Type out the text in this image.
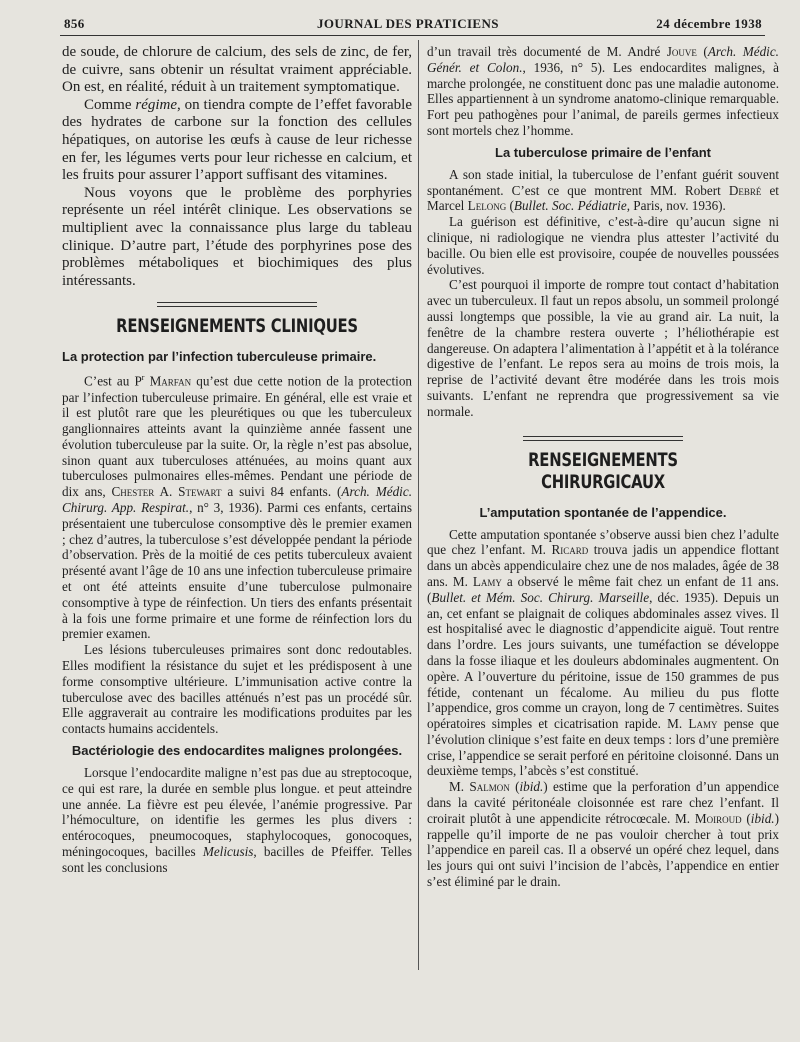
856	JOURNAL DES PRATICIENS	24 décembre 1938

de soude, de chlorure de calcium, des sels de zinc, de fer, de cuivre, sans obtenir un résultat vraiment appréciable. On est, en réalité, réduit à un traitement symptomatique.

Comme régime, on tiendra compte de l’effet favorable des hydrates de carbone sur la fonction des cellules hépatiques, on autorise les œufs à cause de leur richesse en fer, les légumes verts pour leur richesse en calcium, et les fruits pour assurer l’apport suffisant des vitamines.

Nous voyons que le problème des porphyries représente un réel intérêt clinique. Les observations se multiplient avec la connaissance plus large du tableau clinique. D’autre part, l’étude des porphyrines pose des problèmes métaboliques et biochimiques des plus intéressants.

RENSEIGNEMENTS CLINIQUES
La protection par l’infection tuberculeuse primaire.

C’est au $P^r$ Marfan qu’est due cette notion de la protection par l’infection tuberculeuse primaire. En général, elle est vraie et il est plutôt rare que les pleurétiques ou que les tuberculeux ganglionnaires atteints avant la quinzième année fassent une évolution tuberculeuse par la suite. Or, la règle n’est pas absolue, sinon quant aux tuberculoses atténuées, au moins quant aux tuberculoses pulmonaires elles-mêmes. Pendant une période de dix ans, Chester A. Stewart a suivi 84 enfants. (Arch. Médic. Chirurg. App. Respirat., n° 3, 1936). Parmi ces enfants, certains présentaient une tuberculose consomptive dès le premier examen ; chez d’autres, la tuberculose s’est développée pendant la période d’observation. Près de la moitié de ces petits tuberculeux avaient présenté avant l’âge de 10 ans une infection tuberculeuse primaire et ont été atteints ensuite d’une tuberculose pulmonaire consomptive à type de réinfection. Un tiers des enfants présentait à la fois une forme primaire et une forme de réinfection lors du premier examen.

Les lésions tuberculeuses primaires sont donc redoutables. Elles modifient la résistance du sujet et les prédisposent à une forme consomptive ultérieure. L’immunisation active contre la tuberculose avec des bacilles atténués n’est pas un procédé sûr. Elle aggraverait au contraire les modifications produites par les contacts humains accidentels.

Bactériologie des endocardites malignes prolongées.

Lorsque l’endocardite maligne n’est pas due au streptocoque, ce qui est rare, la durée en semble plus longue. et peut atteindre une année. La fièvre est peu élevée, l’anémie progressive. Par l’hémoculture, on identifie les germes les plus divers : entérocoques, pneumocoques, staphylocoques, gonocoques, méningocoques, bacilles Melicusis, bacilles de Pfeiffer. Telles sont les conclusions

d’un travail très documenté de M. André Jouve (Arch. Médic. Génér. et Colon., 1936, n° 5). Les endocardites malignes, à marche prolongée, ne constituent donc pas une maladie autonome. Elles appartiennent à un syndrome anatomo-clinique remarquable. Fort peu pathogènes pour l’animal, de pareils germes infectieux sont mortels chez l’homme.

La tuberculose primaire de l’enfant

A son stade initial, la tuberculose de l’enfant guérit souvent spontanément. C’est ce que montrent MM. Robert Debré et Marcel Lelong (Bullet. Soc. Pédiatrie, Paris, nov. 1936).

La guérison est définitive, c’est-à-dire qu’aucun signe ni clinique, ni radiologique ne viendra plus attester l’activité du bacille. Ou bien elle est provisoire, coupée de nouvelles poussées évolutives.

C’est pourquoi il importe de rompre tout contact d’habitation avec un tuberculeux. Il faut un repos absolu, un sommeil prolongé aussi longtemps que possible, la vie au grand air. La nuit, la fenêtre de la chambre restera ouverte ; l’héliothérapie est dangereuse. On adaptera l’alimentation à l’appétit et à la tolérance digestive de l’enfant. Le repos sera au moins de trois mois, la reprise de l’activité devant être modérée dans les trois mois suivants. L’enfant ne reprendra que progressivement sa vie normale.

RENSEIGNEMENTS CHIRURGICAUX
L’amputation spontanée de l’appendice.

Cette amputation spontanée s’observe aussi bien chez l’adulte que chez l’enfant. M. Ricard trouva jadis un appendice flottant dans un abcès appendiculaire chez une de nos malades, âgée de 38 ans. M. Lamy a observé le même fait chez un enfant de 11 ans. (Bullet. et Mém. Soc. Chirurg. Marseille, déc. 1935). Depuis un an, cet enfant se plaignait de coliques abdominales assez vives. Il est hospitalisé avec le diagnostic d’appendicite aiguë. Tout rentre dans l’ordre. Les jours suivants, une tuméfaction se développe dans la fosse iliaque et les douleurs abdominales augmentent. On opère. A l’ouverture du péritoine, issue de 150 grammes de pus fétide, contenant un fécalome. Au milieu du pus flotte l’appendice, gros comme un crayon, long de 7 centimètres. Suites opératoires simples et cicatrisation rapide. M. Lamy pense que l’évolution clinique s’est faite en deux temps : lors d’une première crise, l’appendice se serait perforé en péritoine cloisonné. Dans un deuxième temps, l’abcès s’est constitué.

M. Salmon (ibid.) estime que la perforation d’un appendice dans la cavité péritonéale cloisonnée est rare chez l’enfant. Il croirait plutôt à une appendicite rétrocœcale. M. Moiroud (ibid.) rappelle qu’il importe de ne pas vouloir chercher à tout prix l’appendice en pareil cas. Il a observé un opéré chez lequel, dans les jours qui ont suivi l’incision de l’abcès, l’appendice en entier s’est éliminé par le drain.
